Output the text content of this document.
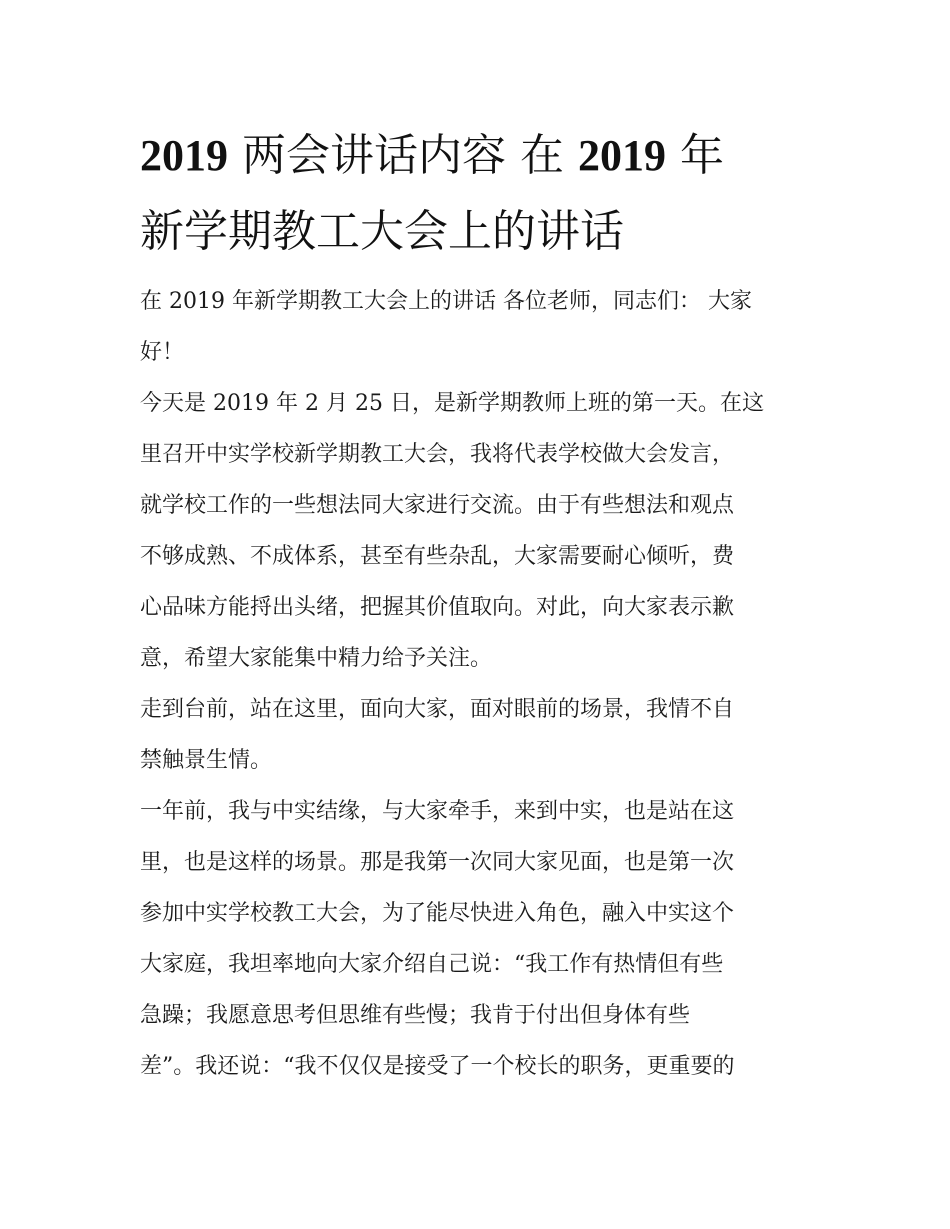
2019 两会讲话内容 在 2019 年
新学期教工大会上的讲话
在 2019 年新学期教工大会上的讲话 各位老师，同志们： 大家
好！
今天是 2019 年 2 月 25 日，是新学期教师上班的第一天。在这
里召开中实学校新学期教工大会，我将代表学校做大会发言，
就学校工作的一些想法同大家进行交流。由于有些想法和观点
不够成熟、不成体系，甚至有些杂乱，大家需要耐心倾听，费
心品味方能捋出头绪，把握其价值取向。对此，向大家表示歉
意，希望大家能集中精力给予关注。
走到台前，站在这里，面向大家，面对眼前的场景，我情不自
禁触景生情。
一年前，我与中实结缘，与大家牵手，来到中实，也是站在这
里，也是这样的场景。那是我第一次同大家见面，也是第一次
参加中实学校教工大会，为了能尽快进入角色，融入中实这个
大家庭，我坦率地向大家介绍自己说：“我工作有热情但有些
急躁；我愿意思考但思维有些慢；我肯于付出但身体有些
差”。我还说：“我不仅仅是接受了一个校长的职务，更重要的
